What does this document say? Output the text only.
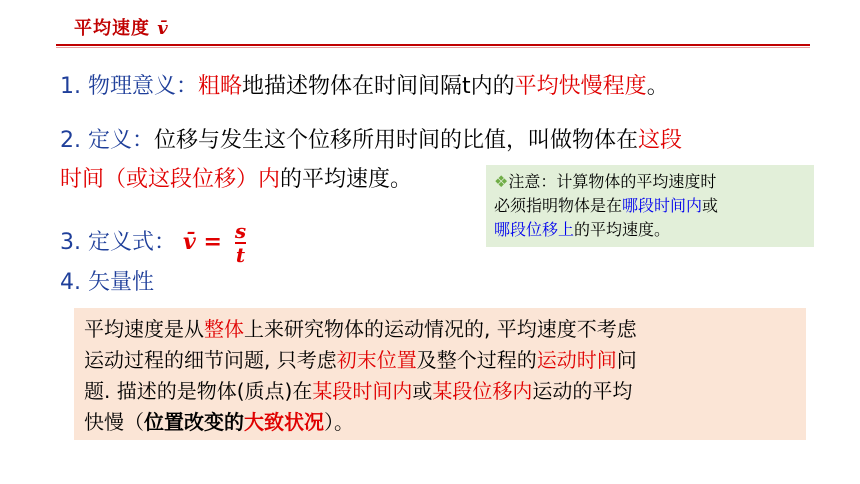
平均速度 v̄
1. 物理意义：粗略地描述物体在时间间隔t内的平均快慢程度。
2. 定义：位移与发生这个位移所用时间的比值，叫做物体在这段
时间（或这段位移）内的平均速度。
3. 定义式： v̄ = $\frac{s}{t}$
4. 矢量性
❖注意：计算物体的平均速度时
必须指明物体是在哪段时间内或
哪段位移上的平均速度。
平均速度是从整体上来研究物体的运动情况的, 平均速度不考虑
运动过程的细节问题, 只考虑初末位置及整个过程的运动时间问
题. 描述的是物体(质点)在某段时间内或某段位移内运动的平均
快慢（位置改变的大致状况）。
